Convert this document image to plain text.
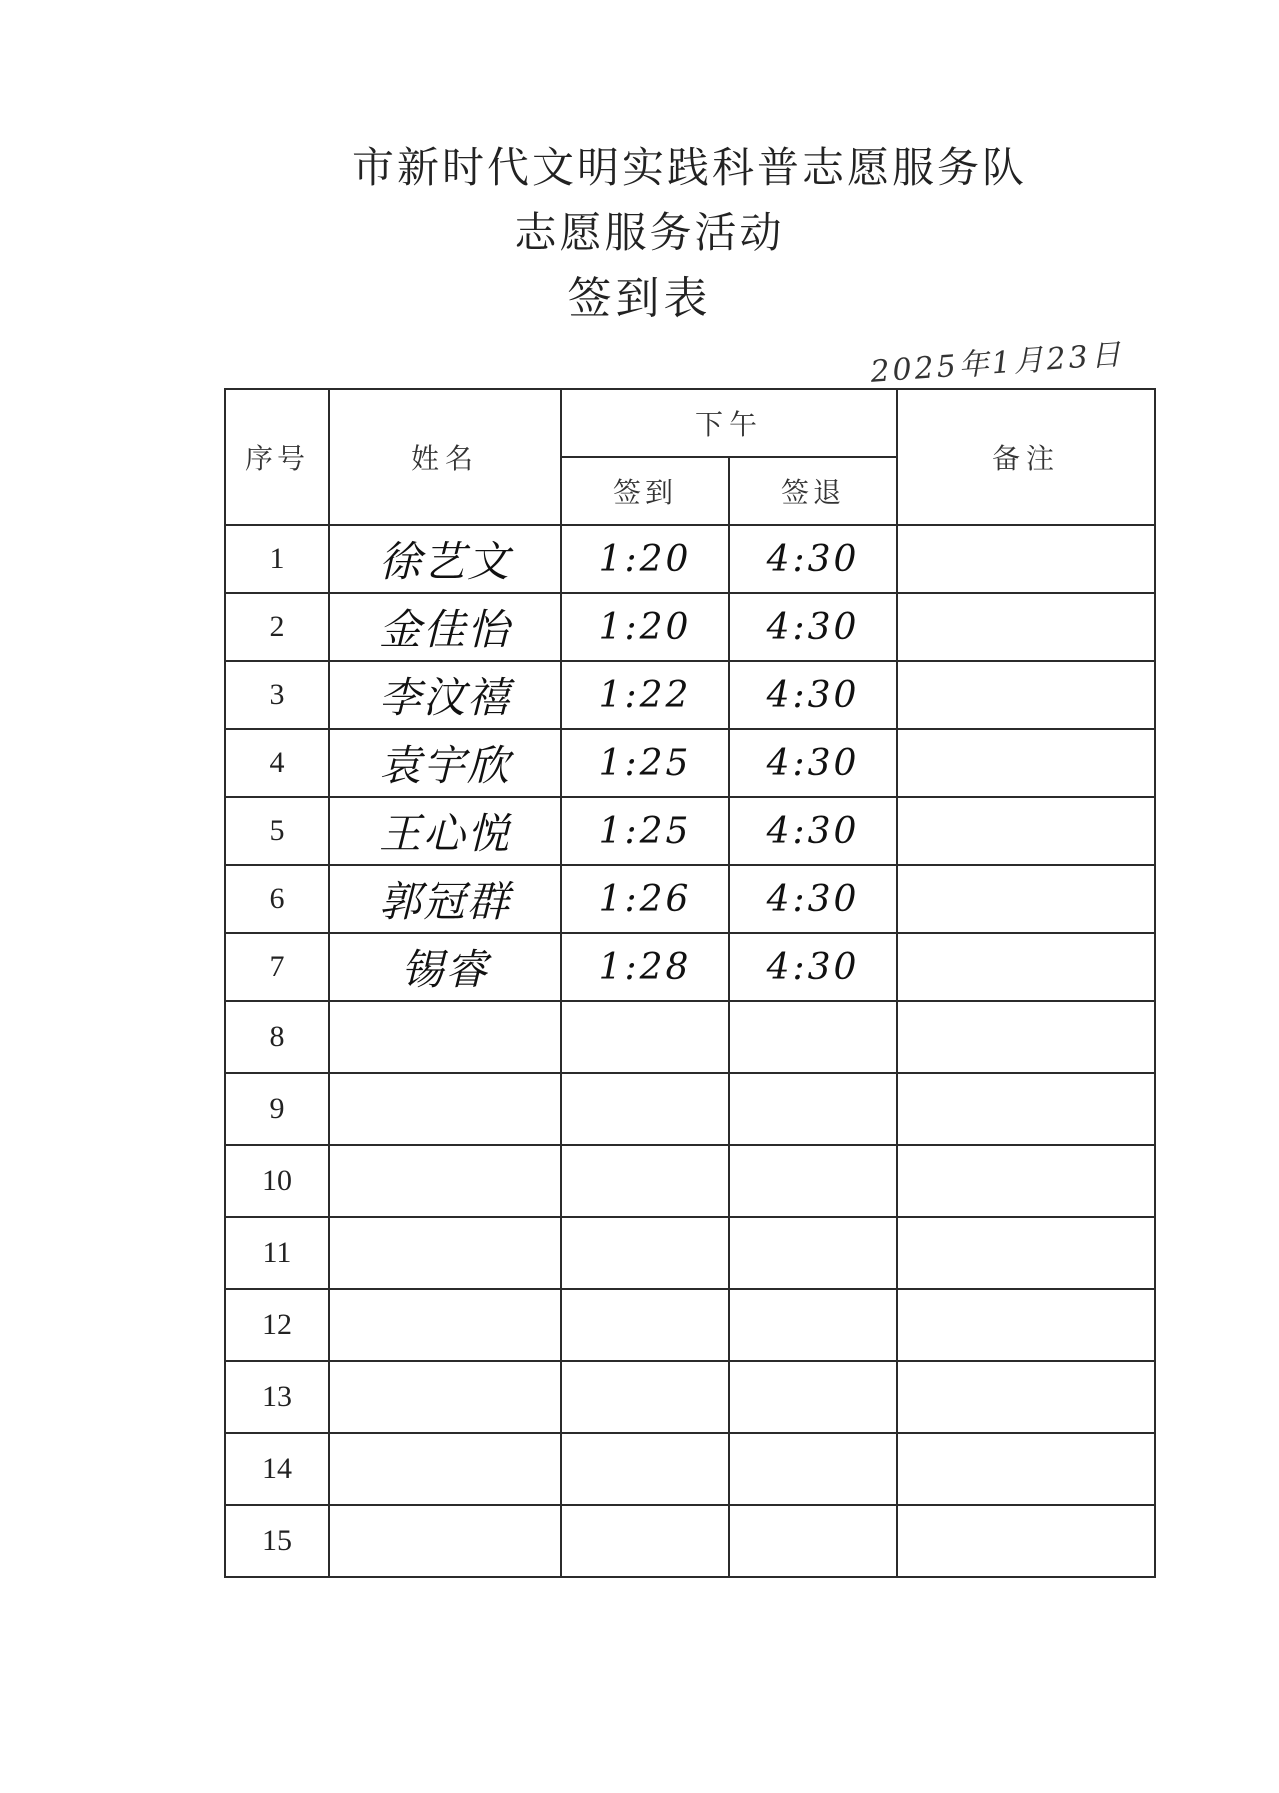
市新时代文明实践科普志愿服务队
志愿服务活动
签到表
2025年1月23日
序号	姓名	下午		备注
		签到	签退	
1	徐艺文	1:20	4:30	
2	金佳怡	1:20	4:30	
3	李汶禧	1:22	4:30	
4	袁宇欣	1:25	4:30	
5	王心悦	1:25	4:30	
6	郭冠群	1:26	4:30	
7	锡睿	1:28	4:30	
8				
9				
10				
11				
12				
13				
14				
15				
